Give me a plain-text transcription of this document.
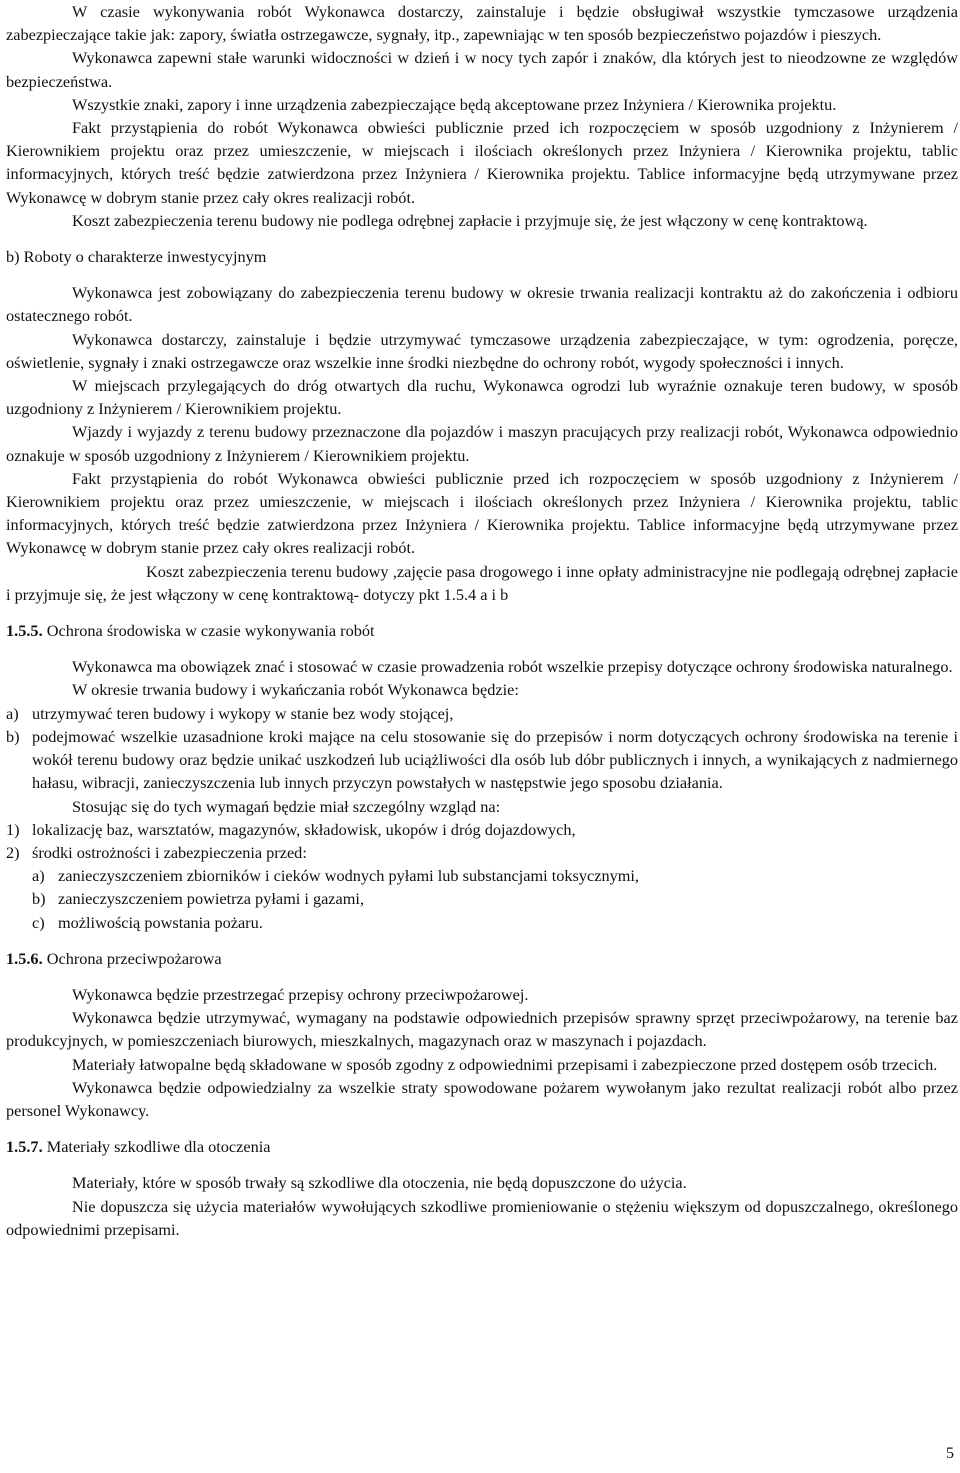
W czasie wykonywania robót Wykonawca dostarczy, zainstaluje i będzie obsługiwał wszystkie tymczasowe urządzenia zabezpieczające takie jak: zapory, światła ostrzegawcze, sygnały, itp., zapewniając w ten sposób bezpieczeństwo pojazdów i pieszych.

Wykonawca zapewni stałe warunki widoczności w dzień i w nocy tych zapór i znaków, dla których jest to nieodzowne ze względów bezpieczeństwa.

Wszystkie znaki, zapory i inne urządzenia zabezpieczające będą akceptowane przez Inżyniera / Kierownika projektu.

Fakt przystąpienia do robót Wykonawca obwieści publicznie przed ich rozpoczęciem w sposób uzgodniony z Inżynierem / Kierownikiem projektu oraz przez umieszczenie, w miejscach i ilościach określonych przez Inżyniera / Kierownika projektu, tablic informacyjnych, których treść będzie zatwierdzona przez Inżyniera / Kierownika projektu. Tablice informacyjne będą utrzymywane przez Wykonawcę w dobrym stanie przez cały okres realizacji robót.

Koszt zabezpieczenia terenu budowy nie podlega odrębnej zapłacie i przyjmuje się, że jest włączony w cenę kontraktową.

b) Roboty o charakterze inwestycyjnym

Wykonawca jest zobowiązany do zabezpieczenia terenu budowy w okresie trwania realizacji kontraktu aż do zakończenia i odbioru ostatecznego robót.

Wykonawca dostarczy, zainstaluje i będzie utrzymywać tymczasowe urządzenia zabezpieczające, w tym: ogrodzenia, poręcze, oświetlenie, sygnały i znaki ostrzegawcze oraz wszelkie inne środki niezbędne do ochrony robót, wygody społeczności i innych.

W miejscach przylegających do dróg otwartych dla ruchu, Wykonawca ogrodzi lub wyraźnie oznakuje teren budowy, w sposób uzgodniony z Inżynierem / Kierownikiem projektu.

Wjazdy i wyjazdy z terenu budowy przeznaczone dla pojazdów i maszyn pracujących przy realizacji robót, Wykonawca odpowiednio oznakuje w sposób uzgodniony z Inżynierem / Kierownikiem projektu.

Fakt przystąpienia do robót Wykonawca obwieści publicznie przed ich rozpoczęciem w sposób uzgodniony z Inżynierem / Kierownikiem projektu oraz przez umieszczenie, w miejscach i ilościach określonych przez Inżyniera / Kierownika projektu, tablic informacyjnych, których treść będzie zatwierdzona przez Inżyniera / Kierownika projektu. Tablice informacyjne będą utrzymywane przez Wykonawcę w dobrym stanie przez cały okres realizacji robót.

Koszt zabezpieczenia terenu budowy ,zajęcie pasa drogowego i inne opłaty administracyjne nie podlegają odrębnej zapłacie i przyjmuje się, że jest włączony w cenę kontraktową- dotyczy pkt 1.5.4 a i b

1.5.5. Ochrona środowiska w czasie wykonywania robót

Wykonawca ma obowiązek znać i stosować w czasie prowadzenia robót wszelkie przepisy dotyczące ochrony środowiska naturalnego.

W okresie trwania budowy i wykańczania robót Wykonawca będzie:

a) utrzymywać teren budowy i wykopy w stanie bez wody stojącej,
b) podejmować wszelkie uzasadnione kroki mające na celu stosowanie się do przepisów i norm dotyczących ochrony środowiska na terenie i wokół terenu budowy oraz będzie unikać uszkodzeń lub uciążliwości dla osób lub dóbr publicznych i innych, a wynikających z nadmiernego hałasu, wibracji, zanieczyszczenia lub innych przyczyn powstałych w następstwie jego sposobu działania.

Stosując się do tych wymagań będzie miał szczególny wzgląd na:

1) lokalizację baz, warsztatów, magazynów, składowisk, ukopów i dróg dojazdowych,
2) środki ostrożności i zabezpieczenia przed:
a) zanieczyszczeniem zbiorników i cieków wodnych pyłami lub substancjami toksycznymi,
b) zanieczyszczeniem powietrza pyłami i gazami,
c) możliwością powstania pożaru.

1.5.6. Ochrona przeciwpożarowa

Wykonawca będzie przestrzegać przepisy ochrony przeciwpożarowej.

Wykonawca będzie utrzymywać, wymagany na podstawie odpowiednich przepisów sprawny sprzęt przeciwpożarowy, na terenie baz produkcyjnych, w pomieszczeniach biurowych, mieszkalnych, magazynach oraz w maszynach i pojazdach.

Materiały łatwopalne będą składowane w sposób zgodny z odpowiednimi przepisami i zabezpieczone przed dostępem osób trzecich.

Wykonawca będzie odpowiedzialny za wszelkie straty spowodowane pożarem wywołanym jako rezultat realizacji robót albo przez personel Wykonawcy.

1.5.7. Materiały szkodliwe dla otoczenia

Materiały, które w sposób trwały są szkodliwe dla otoczenia, nie będą dopuszczone do użycia.

Nie dopuszcza się użycia materiałów wywołujących szkodliwe promieniowanie o stężeniu większym od dopuszczalnego, określonego odpowiednimi przepisami.

5
